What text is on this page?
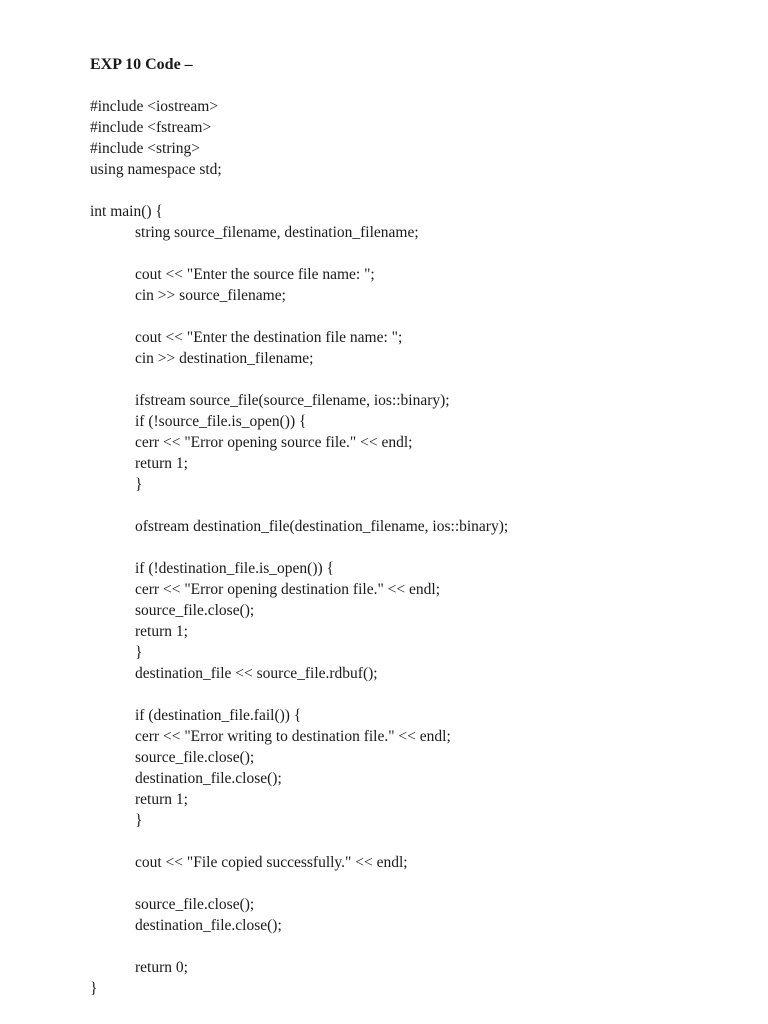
EXP 10 Code –
#include <iostream>
#include <fstream>
#include <string>
using namespace std;
int main() {
string source_filename, destination_filename;
cout << "Enter the source file name: ";
cin >> source_filename;
cout << "Enter the destination file name: ";
cin >> destination_filename;
ifstream source_file(source_filename, ios::binary);
if (!source_file.is_open()) {
cerr << "Error opening source file." << endl;
return 1;
}
ofstream destination_file(destination_filename, ios::binary);
if (!destination_file.is_open()) {
cerr << "Error opening destination file." << endl;
source_file.close();
return 1;
}
destination_file << source_file.rdbuf();
if (destination_file.fail()) {
cerr << "Error writing to destination file." << endl;
source_file.close();
destination_file.close();
return 1;
}
cout << "File copied successfully." << endl;
source_file.close();
destination_file.close();
return 0;
}
